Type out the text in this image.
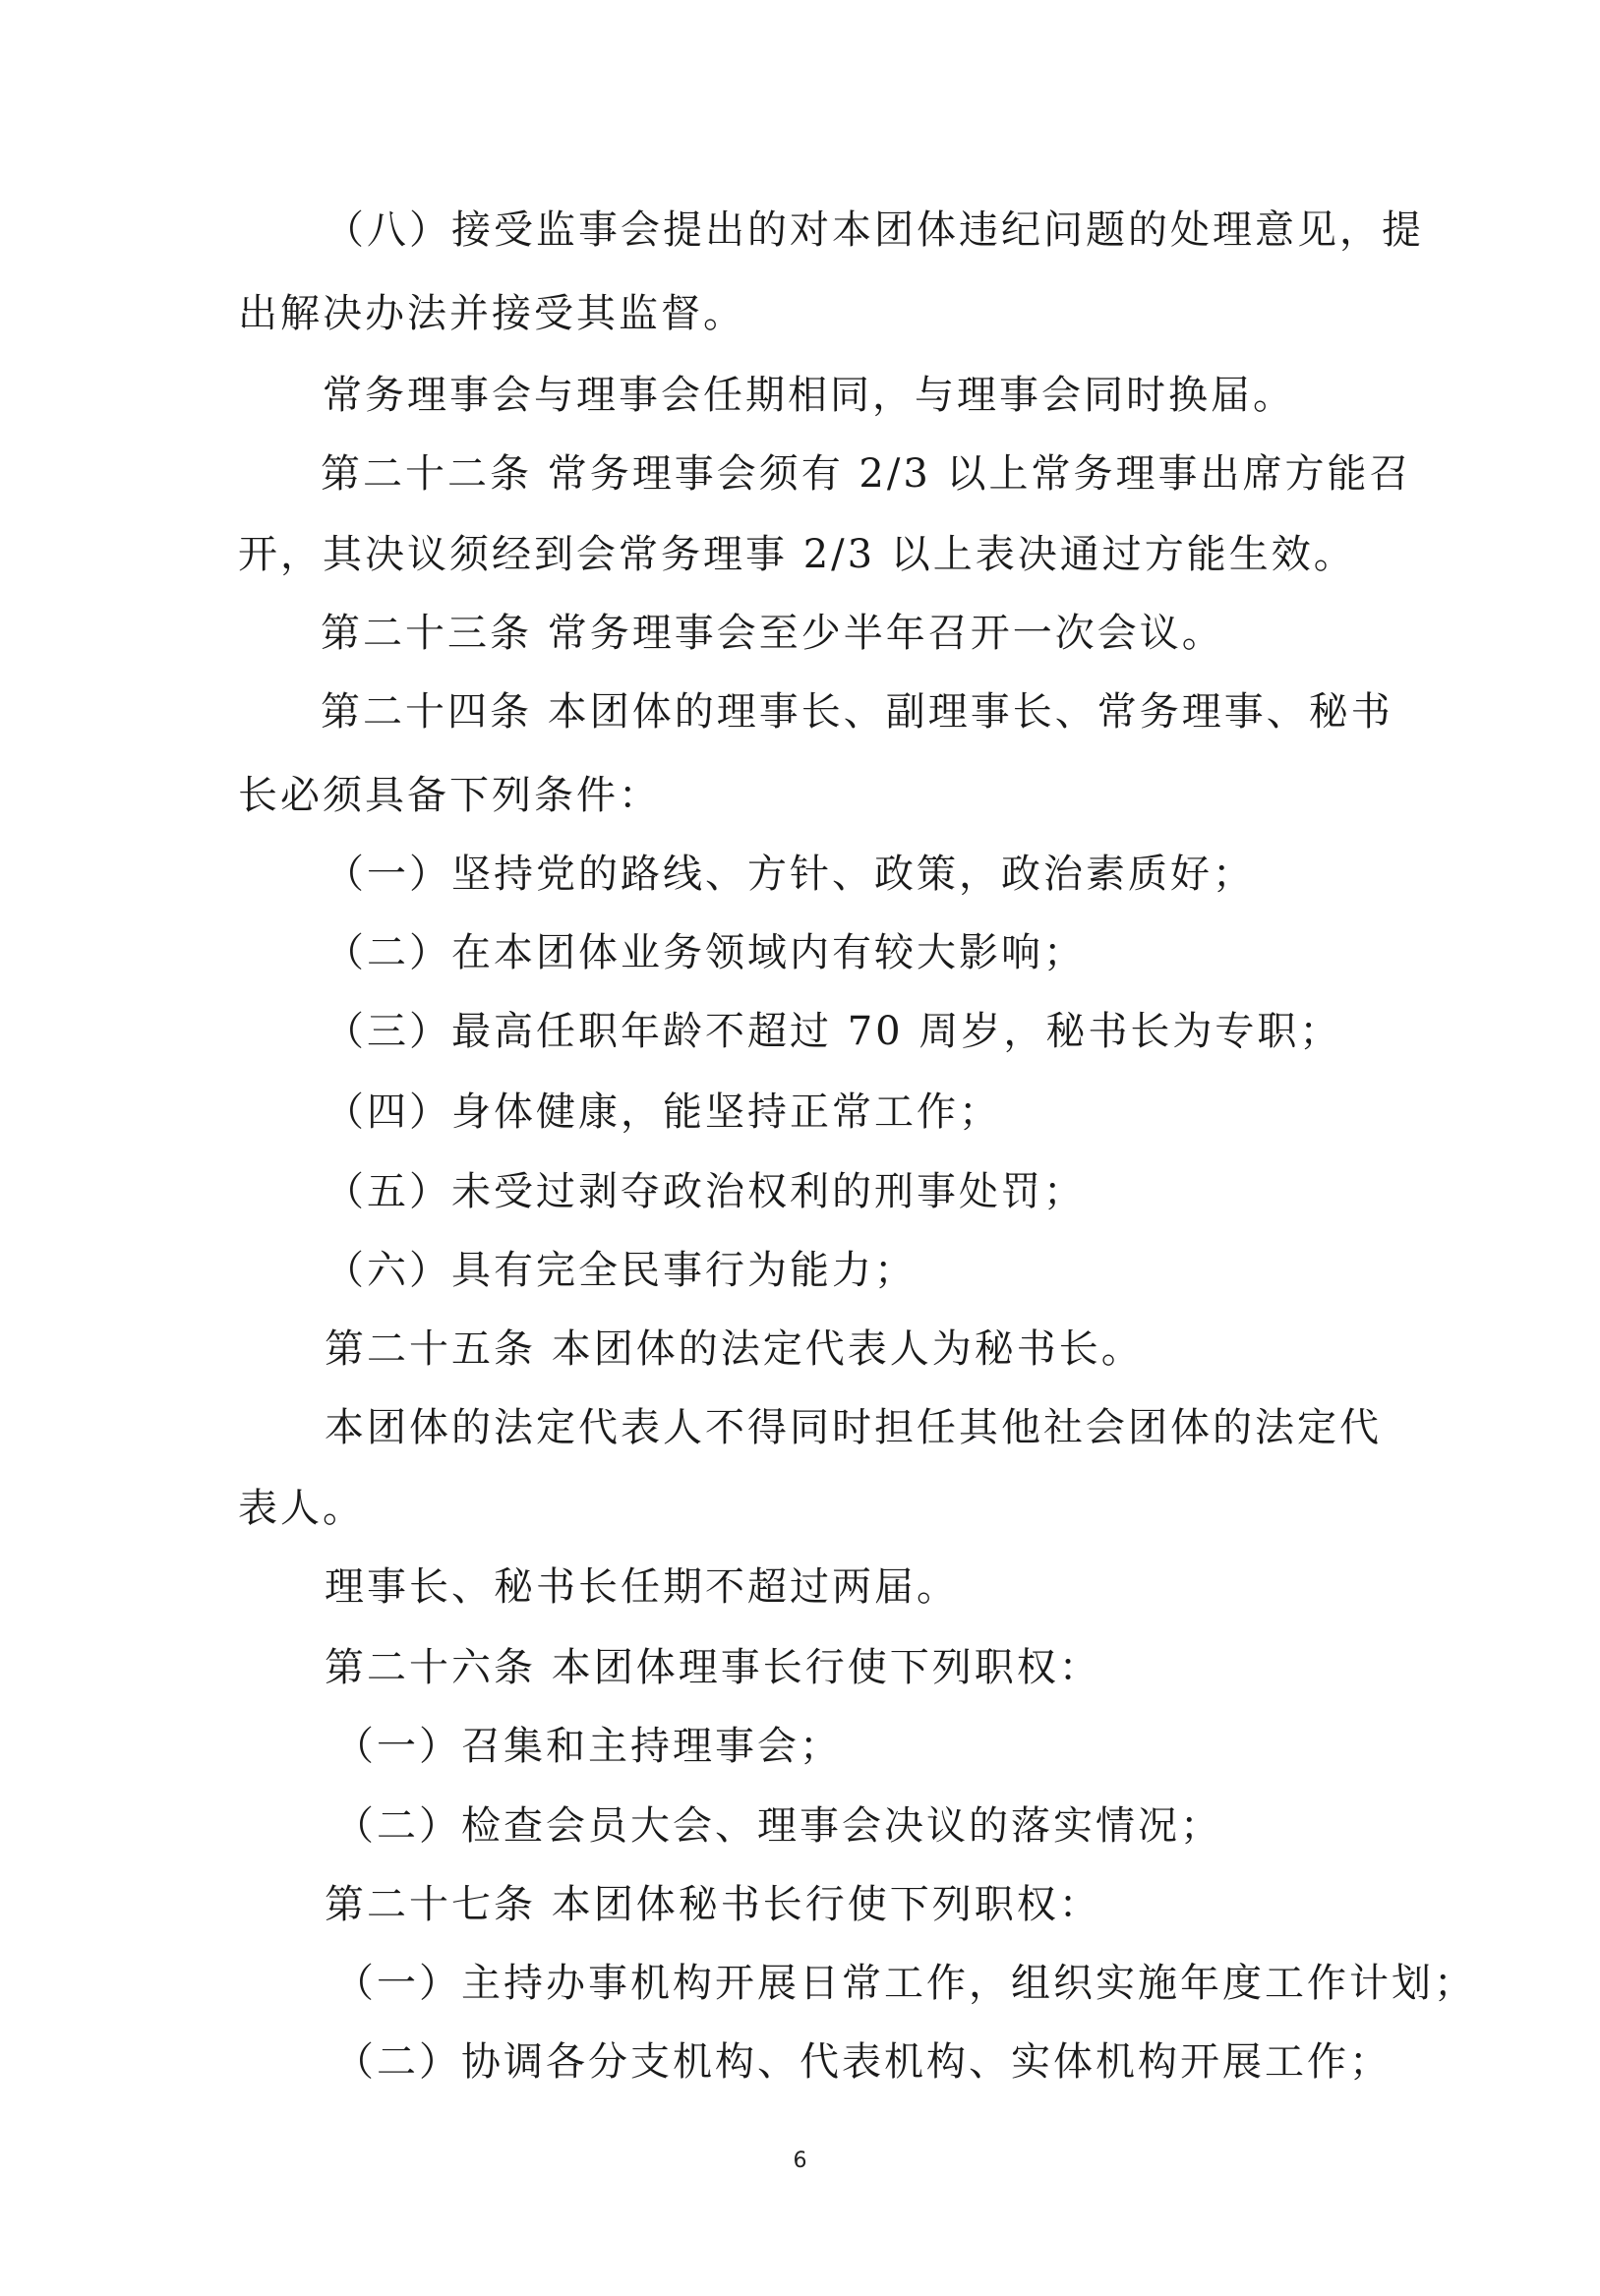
（八）接受监事会提出的对本团体违纪问题的处理意见，提
出解决办法并接受其监督。
常务理事会与理事会任期相同，与理事会同时换届。
第二十二条 常务理事会须有 2/3 以上常务理事出席方能召
开，其决议须经到会常务理事 2/3 以上表决通过方能生效。
第二十三条 常务理事会至少半年召开一次会议。
第二十四条 本团体的理事长、副理事长、常务理事、秘书
长必须具备下列条件：
（一）坚持党的路线、方针、政策，政治素质好；
（二）在本团体业务领域内有较大影响；
（三）最高任职年龄不超过 70 周岁，秘书长为专职；
（四）身体健康，能坚持正常工作；
（五）未受过剥夺政治权利的刑事处罚；
（六）具有完全民事行为能力；
第二十五条 本团体的法定代表人为秘书长。
本团体的法定代表人不得同时担任其他社会团体的法定代
表人。
理事长、秘书长任期不超过两届。
第二十六条 本团体理事长行使下列职权：
（一）召集和主持理事会；
（二）检查会员大会、理事会决议的落实情况；
第二十七条 本团体秘书长行使下列职权：
（一）主持办事机构开展日常工作，组织实施年度工作计划；
（二）协调各分支机构、代表机构、实体机构开展工作；
6
